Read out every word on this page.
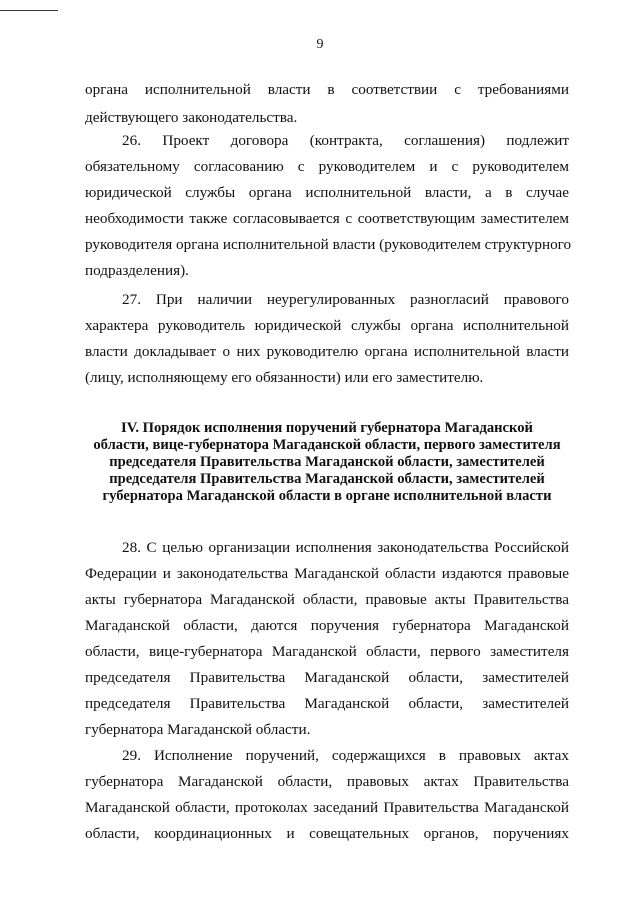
9
органа исполнительной власти в соответствии с требованиями
действующего законодательства.
26. Проект договора (контракта, соглашения) подлежит
обязательному согласованию с руководителем и с руководителем
юридической службы органа исполнительной власти, а в случае
необходимости также согласовывается с соответствующим заместителем
руководителя органа исполнительной власти (руководителем структурного
подразделения).
27. При наличии неурегулированных разногласий правового
характера руководитель юридической службы органа исполнительной
власти докладывает о них руководителю органа исполнительной власти
(лицу, исполняющему его обязанности) или его заместителю.
IV. Порядок исполнения поручений губернатора Магаданской
области, вице-губернатора Магаданской области, первого заместителя
председателя Правительства Магаданской области, заместителей
председателя Правительства Магаданской области, заместителей
губернатора Магаданской области в органе исполнительной власти
28. С целью организации исполнения законодательства Российской
Федерации и законодательства Магаданской области издаются правовые
акты губернатора Магаданской области, правовые акты Правительства
Магаданской области, даются поручения губернатора Магаданской
области, вице-губернатора Магаданской области, первого заместителя
председателя Правительства Магаданской области, заместителей
председателя Правительства Магаданской области, заместителей
губернатора Магаданской области.
29. Исполнение поручений, содержащихся в правовых актах
губернатора Магаданской области, правовых актах Правительства
Магаданской области, протоколах заседаний Правительства Магаданской
области, координационных и совещательных органов, поручениях
